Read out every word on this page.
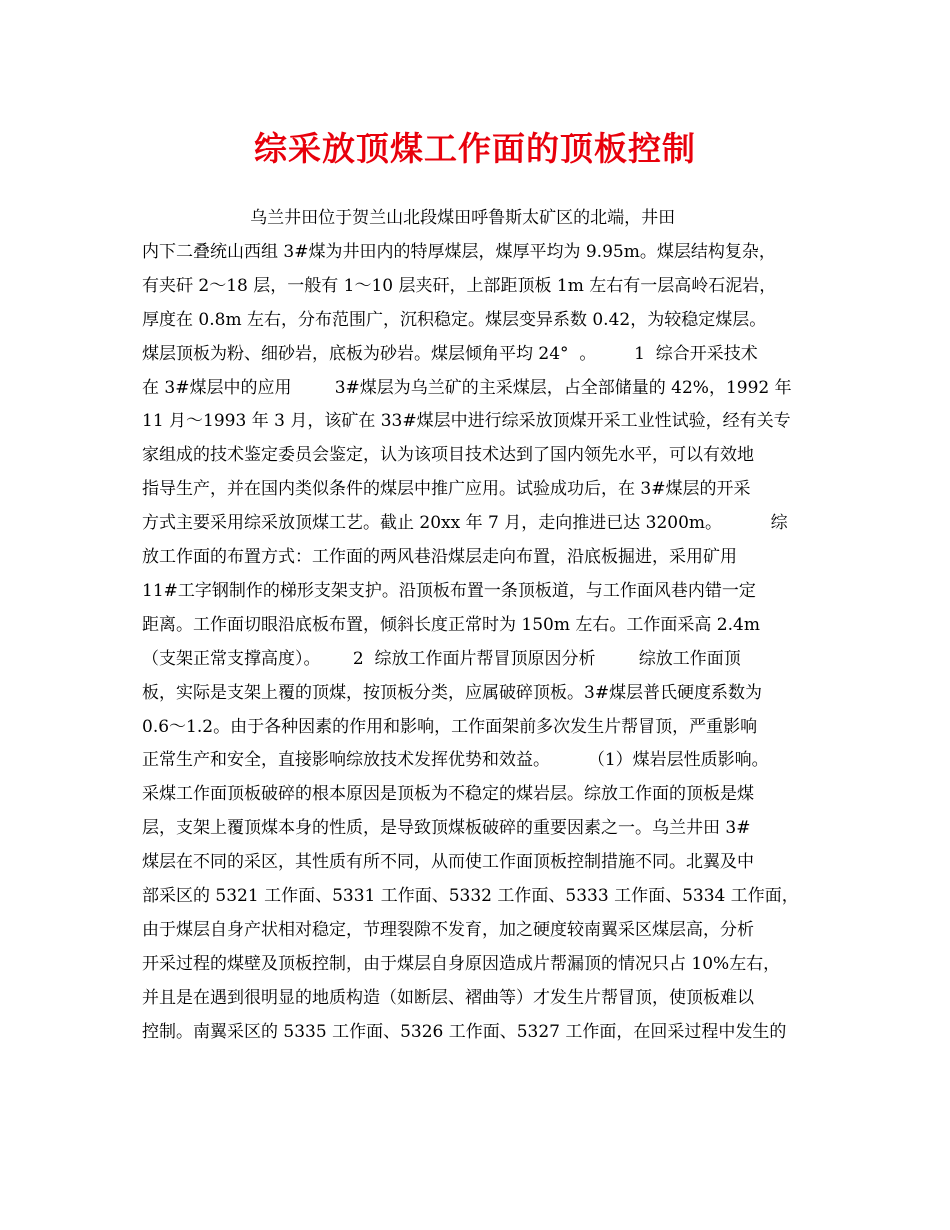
综采放顶煤工作面的顶板控制
乌兰井田位于贺兰山北段煤田呼鲁斯太矿区的北端，井田
内下二叠统山西组 3#煤为井田内的特厚煤层，煤厚平均为 9.95m。煤层结构复杂，
有夹矸 2～18 层，一般有 1～10 层夹矸，上部距顶板 1m 左右有一层高岭石泥岩，
厚度在 0.8m 左右，分布范围广，沉积稳定。煤层变异系数 0.42，为较稳定煤层。
煤层顶板为粉、细砂岩，底板为砂岩。煤层倾角平均 24°  。       1  综合开采技术
在 3#煤层中的应用        3#煤层为乌兰矿的主采煤层，占全部储量的 42%，1992 年
11 月～1993 年 3 月，该矿在 33#煤层中进行综采放顶煤开采工业性试验，经有关专
家组成的技术鉴定委员会鉴定，认为该项目技术达到了国内领先水平，可以有效地
指导生产，并在国内类似条件的煤层中推广应用。试验成功后，在 3#煤层的开采
方式主要采用综采放顶煤工艺。截止 20xx 年 7 月，走向推进已达 3200m。         综
放工作面的布置方式：工作面的两风巷沿煤层走向布置，沿底板掘进，采用矿用
11#工字钢制作的梯形支架支护。沿顶板布置一条顶板道，与工作面风巷内错一定
距离。工作面切眼沿底板布置，倾斜长度正常时为 150m 左右。工作面采高 2.4m
（支架正常支撑高度）。      2  综放工作面片帮冒顶原因分析        综放工作面顶
板，实际是支架上覆的顶煤，按顶板分类，应属破碎顶板。3#煤层普氏硬度系数为
0.6～1.2。由于各种因素的作用和影响，工作面架前多次发生片帮冒顶，严重影响
正常生产和安全，直接影响综放技术发挥优势和效益。       （1）煤岩层性质影响。
采煤工作面顶板破碎的根本原因是顶板为不稳定的煤岩层。综放工作面的顶板是煤
层，支架上覆顶煤本身的性质，是导致顶煤板破碎的重要因素之一。乌兰井田 3#
煤层在不同的采区，其性质有所不同，从而使工作面顶板控制措施不同。北翼及中
部采区的 5321 工作面、5331 工作面、5332 工作面、5333 工作面、5334 工作面，
由于煤层自身产状相对稳定，节理裂隙不发育，加之硬度较南翼采区煤层高，分析
开采过程的煤壁及顶板控制，由于煤层自身原因造成片帮漏顶的情况只占 10%左右，
并且是在遇到很明显的地质构造（如断层、褶曲等）才发生片帮冒顶，使顶板难以
控制。南翼采区的 5335 工作面、5326 工作面、5327 工作面，在回采过程中发生的
